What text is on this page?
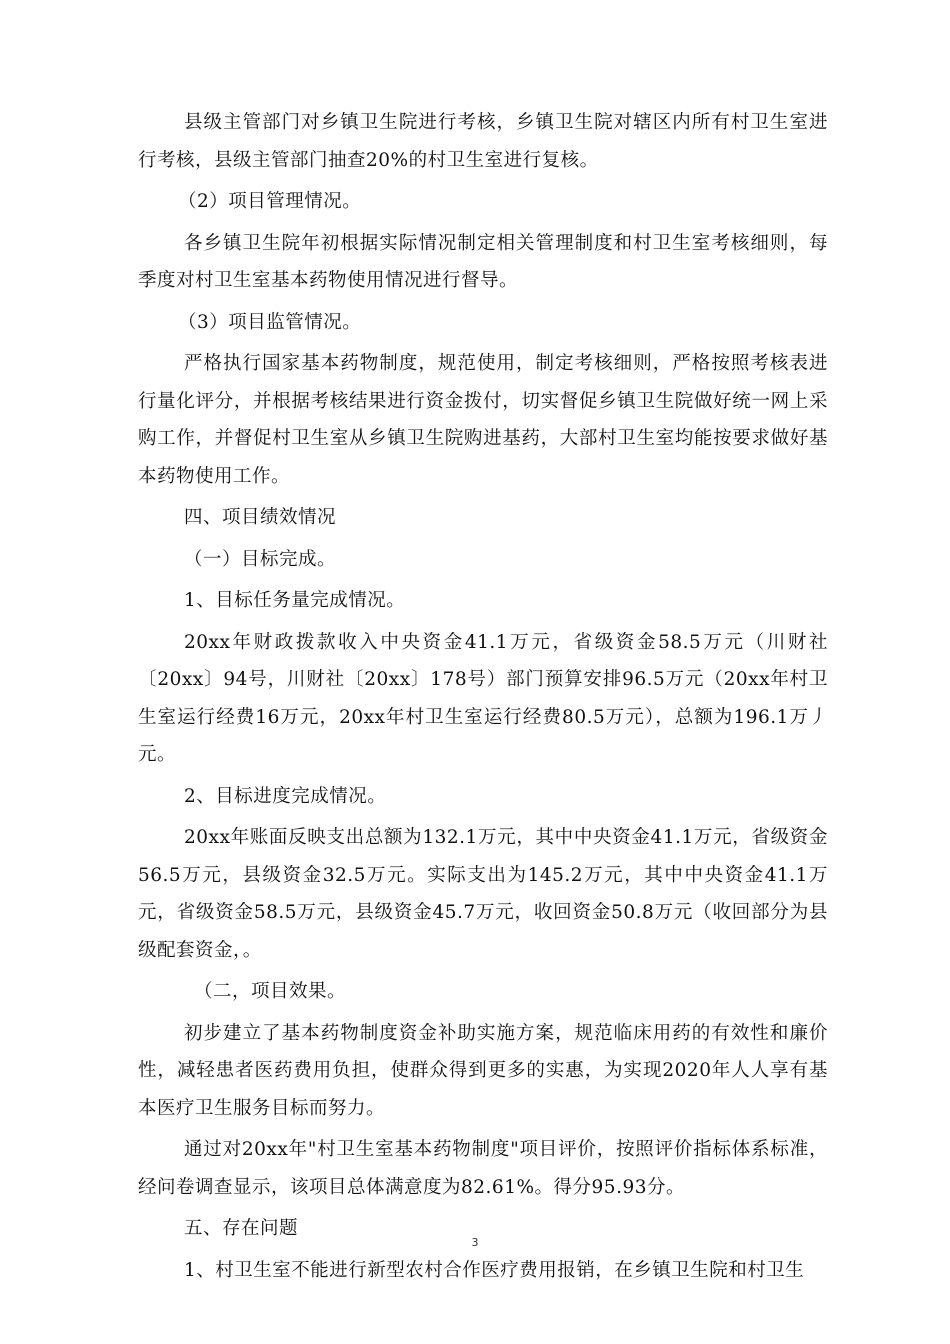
县级主管部门对乡镇卫生院进行考核，乡镇卫生院对辖区内所有村卫生室进行考核，县级主管部门抽查20%的村卫生室进行复核。

（2）项目管理情况。

各乡镇卫生院年初根据实际情况制定相关管理制度和村卫生室考核细则，每季度对村卫生室基本药物使用情况进行督导。

（3）项目监管情况。

严格执行国家基本药物制度，规范使用，制定考核细则，严格按照考核表进行量化评分，并根据考核结果进行资金拨付，切实督促乡镇卫生院做好统一网上采购工作，并督促村卫生室从乡镇卫生院购进基药，大部村卫生室均能按要求做好基本药物使用工作。

四、项目绩效情况

（一）目标完成。

1、目标任务量完成情况。

20xx年财政拨款收入中央资金41.1万元，省级资金58.5万元（川财社〔20xx〕94号，川财社〔20xx〕178号）部门预算安排96.5万元（20xx年村卫生室运行经费16万元，20xx年村卫生室运行经费80.5万元），总额为196.1万丿元。

2、目标进度完成情况。

20xx年账面反映支出总额为132.1万元，其中中央资金41.1万元，省级资金56.5万元，县级资金32.5万元。实际支出为145.2万元，其中中央资金41.1万元，省级资金58.5万元，县级资金45.7万元，收回资金50.8万元（收回部分为县级配套资金，。

（二，项目效果。

初步建立了基本药物制度资金补助实施方案，规范临床用药的有效性和廉价性，减轻患者医药费用负担，使群众得到更多的实惠，为实现2020年人人享有基本医疗卫生服务目标而努力。

通过对20xx年"村卫生室基本药物制度"项目评价，按照评价指标体系标准，经问卷调查显示，该项目总体满意度为82.61%。得分95.93分。

五、存在问题

1、村卫生室不能进行新型农村合作医疗费用报销，在乡镇卫生院和村卫生

3
